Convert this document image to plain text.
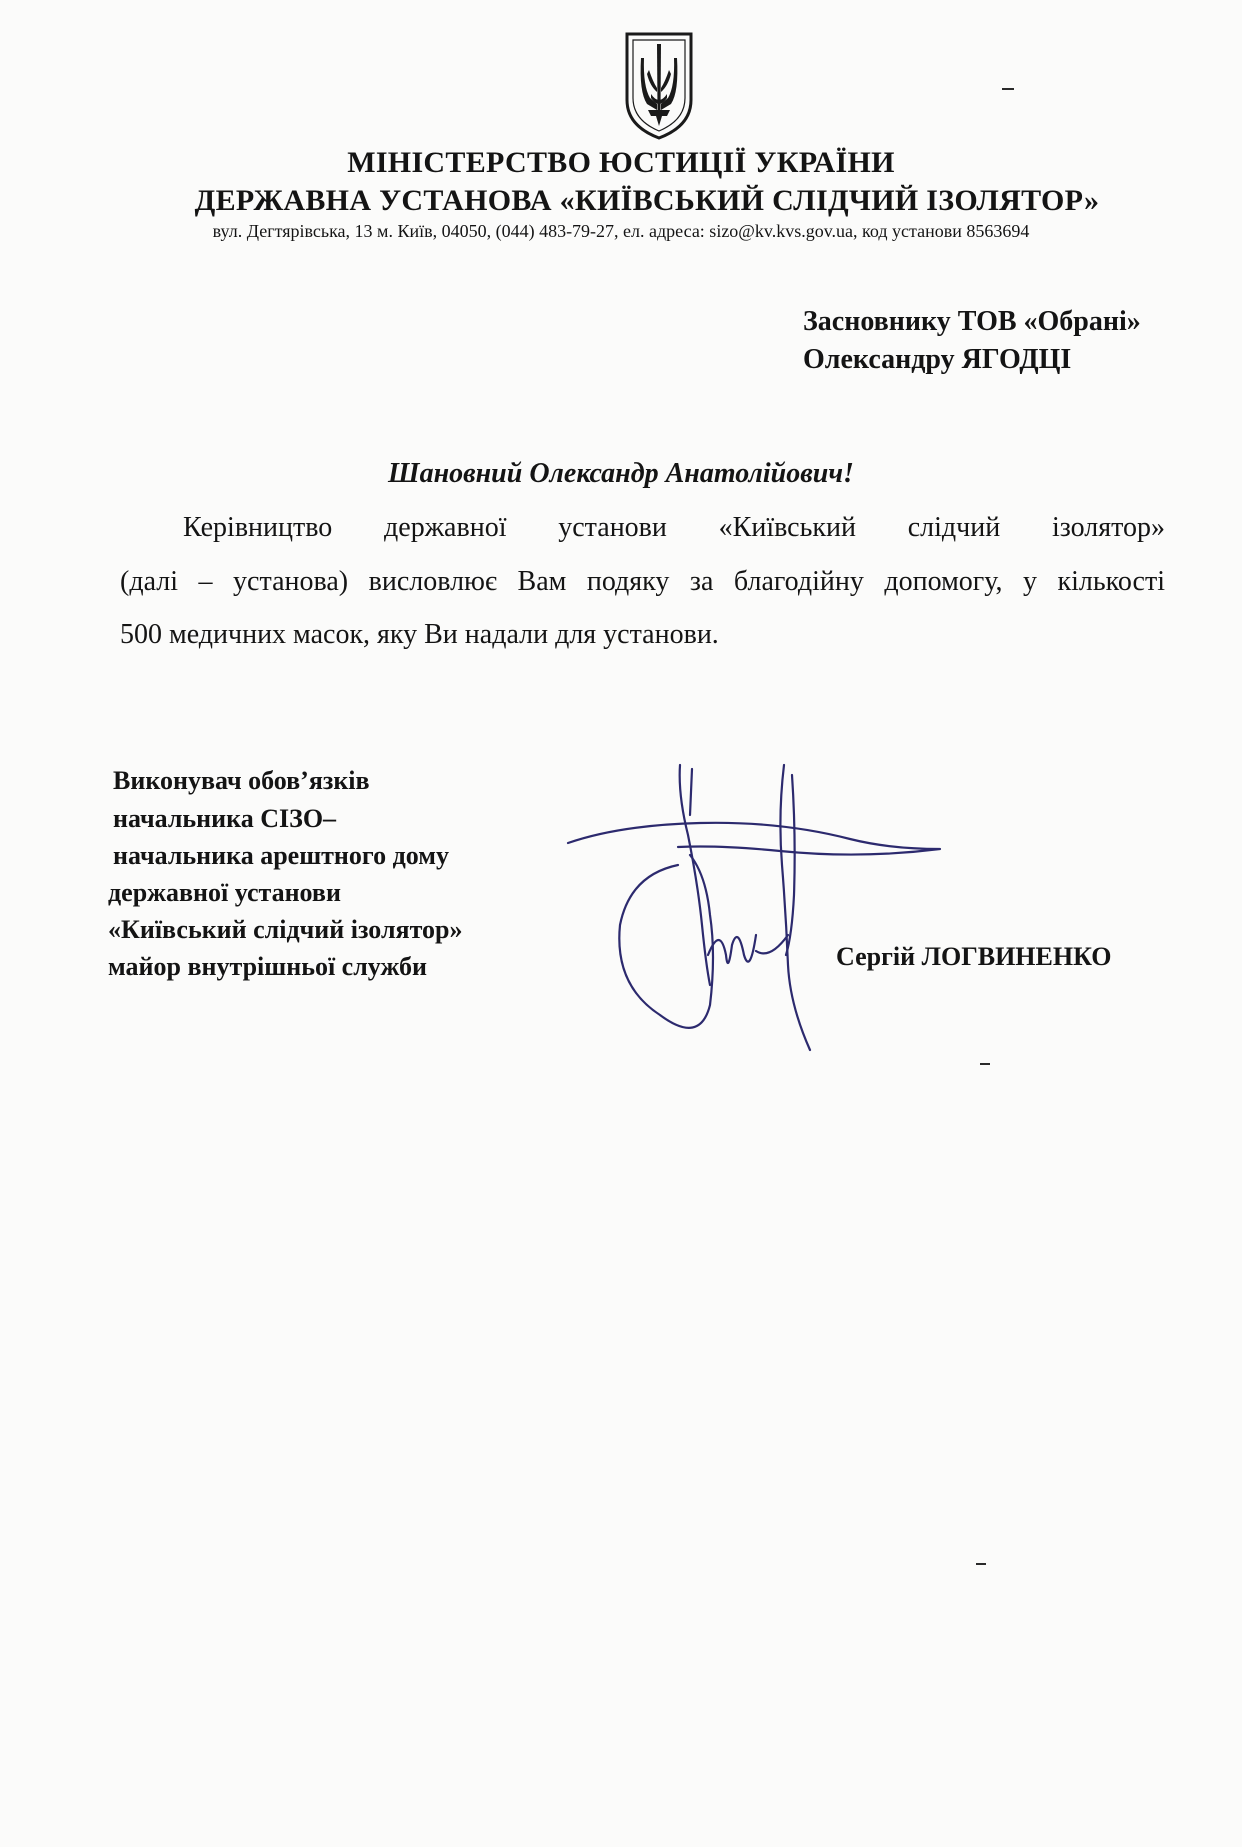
МІНІСТЕРСТВО ЮСТИЦІЇ УКРАЇНИ
ДЕРЖАВНА УСТАНОВА «КИЇВСЬКИЙ СЛІДЧИЙ ІЗОЛЯТОР»
вул. Дегтярівська, 13 м. Київ, 04050, (044) 483-79-27, ел. адреса: sizo@kv.kvs.gov.ua, код установи 8563694
Засновнику ТОВ «Обрані»
Олександру ЯГОДЦІ
Шановний Олександр Анатолійович!
Керівництво державної установи «Київський слідчий ізолятор»
(далі – установа) висловлює Вам подяку за благодійну допомогу, у кількості
500 медичних масок, яку Ви надали для установи.
Виконувач обов’язків
начальника СІЗО–
начальника арештного дому
державної установи
«Київський слідчий ізолятор»
майор внутрішньої служби	Сергій ЛОГВИНЕНКО
